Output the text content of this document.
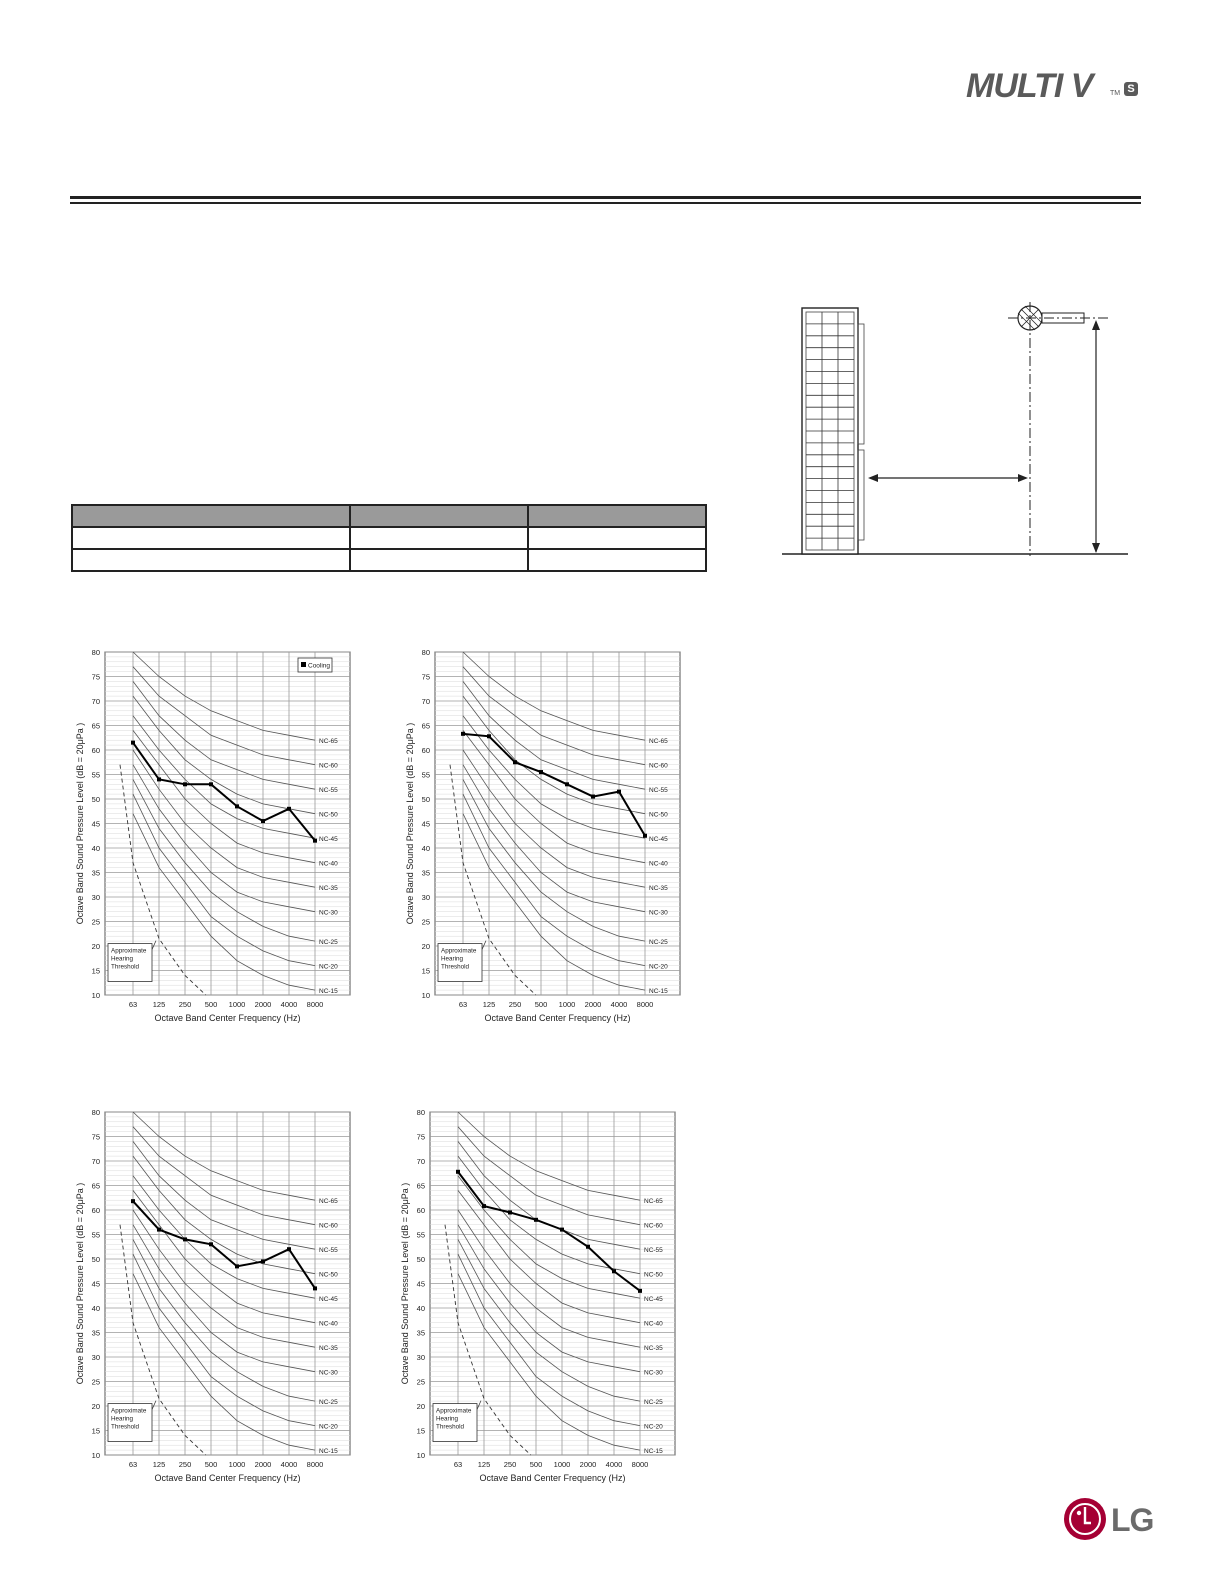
MULTI V	TM S

80
75
70
65
60
55
50
45
40
35
30
25
20
15
10
63 125 250 500 1000 2000 4000 8000
NC-65
NC-60
NC-55
NC-50
NC-45
NC-40
NC-35
NC-30
NC-25
NC-20
NC-15
Approximate
Hearing
Threshold
Cooling
Octave Band Center Frequency (Hz)
Octave Band Sound Pressure Level (dB = 20μPa )
80
75
70
65
60
55
50
45
40
35
30
25
20
15
10
63 125 250 500 1000 2000 4000 8000
NC-65
NC-60
NC-55
NC-50
NC-45
NC-40
NC-35
NC-30
NC-25
NC-20
NC-15
Approximate
Hearing
Threshold
Octave Band Center Frequency (Hz)
Octave Band Sound Pressure Level (dB = 20μPa )
80
75
70
65
60
55
50
45
40
35
30
25
20
15
10
63 125 250 500 1000 2000 4000 8000
NC-65
NC-60
NC-55
NC-50
NC-45
NC-40
NC-35
NC-30
NC-25
NC-20
NC-15
Approximate
Hearing
Threshold
Octave Band Center Frequency (Hz)
Octave Band Sound Pressure Level (dB = 20μPa )
80
75
70
65
60
55
50
45
40
35
30
25
20
15
10
63 125 250 500 1000 2000 4000 8000
NC-65
NC-60
NC-55
NC-50
NC-45
NC-40
NC-35
NC-30
NC-25
NC-20
NC-15
Approximate
Hearing
Threshold
Octave Band Center Frequency (Hz)
Octave Band Sound Pressure Level (dB = 20μPa )
LG
